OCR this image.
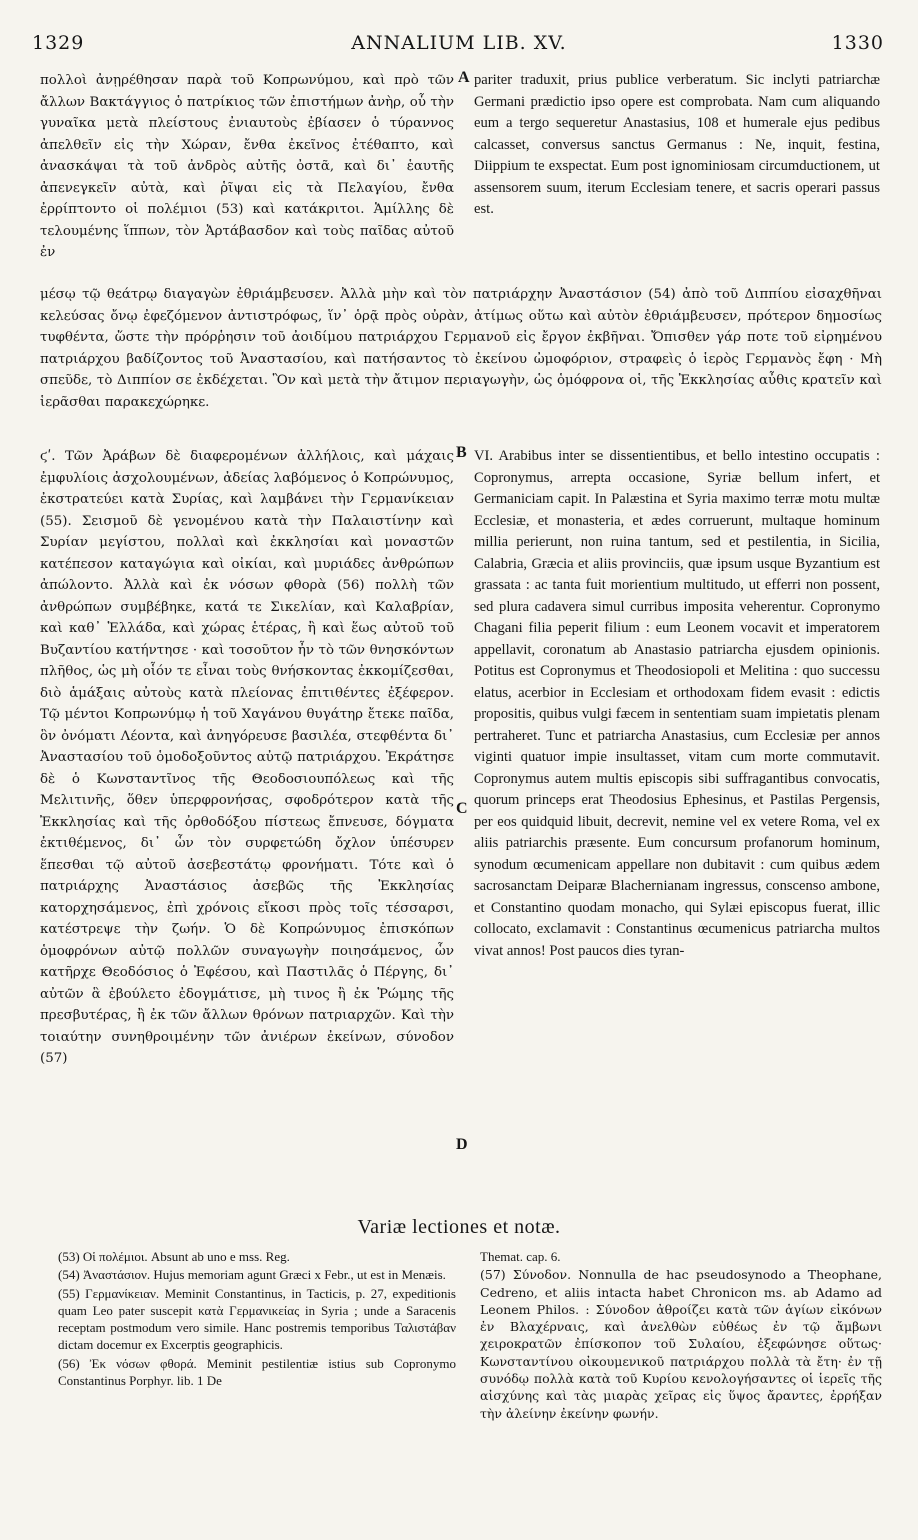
1329	ANNALIUM LIB. XV.	1330

πολλοὶ ἀνῃρέθησαν παρὰ τοῦ Κοπρωνύμου, καὶ πρὸ τῶν ἄλλων Βακτάγγιος ὁ πατρίκιος τῶν ἐπιστήμων ἀνὴρ, οὗ τὴν γυναῖκα μετὰ πλείστους ἐνιαυτοὺς ἐβίασεν ὁ τύραννος ἀπελθεῖν εἰς τὴν Χώραν, ἔνθα ἐκεῖνος ἐτέθαπτο, καὶ ἀνασκάψαι τὰ τοῦ ἀνδρὸς αὐτῆς ὀστᾶ, καὶ δι᾽ ἑαυτῆς ἀπενεγκεῖν αὐτὰ, καὶ ῥῖψαι εἰς τὰ Πελαγίου, ἔνθα ἐρρίπτοντο οἱ πολέμιοι (53) καὶ κατάκριτοι. Ἁμίλλης δὲ τελουμένης ἵππων, τὸν Ἀρτάβασδον καὶ τοὺς παῖδας αὐτοῦ ἐν

A pariter traduxit, prius publice verberatum. Sic inclyti patriarchæ Germani prædictio ipso opere est comprobata. Nam cum aliquando eum a tergo sequeretur Anastasius, 108 et humerale ejus pedibus calcasset, conversus sanctus Germanus : Ne, inquit, festina, Diippium te exspectat. Eum post ignominiosam circumductionem, ut assensorem suum, iterum Ecclesiam tenere, et sacris operari passus est.

μέσῳ τῷ θεάτρῳ διαγαγὼν ἐθριάμβευσεν. Ἀλλὰ μὴν καὶ τὸν πατριάρχην Ἀναστάσιον (54) ἀπὸ τοῦ Διππίου εἰσαχθῆναι κελεύσας ὄνῳ ἐφεζόμενον ἀντιστρόφως, ἵν᾽ ὁρᾷ πρὸς οὐρὰν, ἀτίμως οὕτω καὶ αὐτὸν ἐθριάμβευσεν, πρότερον δημοσίως τυφθέντα, ὥστε τὴν πρόρῥησιν τοῦ ἀοιδίμου πατριάρχου Γερμανοῦ εἰς ἔργον ἐκβῆναι. Ὄπισθεν γάρ ποτε τοῦ εἰρημένου πατριάρχου βαδίζοντος τοῦ Ἀναστασίου, καὶ πατήσαντος τὸ ἐκείνου ὠμοφόριον, στραφεὶς ὁ ἱερὸς Γερμανὸς ἔφη · Μὴ σπεῦδε, τὸ Διππίον σε ἐκδέχεται. Ὃν καὶ μετὰ τὴν ἄτιμον περιαγωγὴν, ὡς ὁμόφρονα οἱ, τῆς Ἐκκλησίας αὖθις κρατεῖν καὶ ἱερᾶσθαι παρακεχώρηκε.

ϛʹ. Τῶν Ἀράβων δὲ διαφερομένων ἀλλήλοις, καὶ μάχαις ἐμφυλίοις ἀσχολουμένων, ἀδείας λαβόμενος ὁ Κοπρώνυμος, ἐκστρατεύει κατὰ Συρίας, καὶ λαμβάνει τὴν Γερμανίκειαν (55). Σεισμοῦ δὲ γενομένου κατὰ τὴν Παλαιστίνην καὶ Συρίαν μεγίστου, πολλαὶ καὶ ἐκκλησίαι καὶ μοναστῶν κατέπεσον καταγώγια καὶ οἰκίαι, καὶ μυριάδες ἀνθρώπων ἀπώλοντο. Ἀλλὰ καὶ ἐκ νόσων φθορὰ (56) πολλὴ τῶν ἀνθρώπων συμβέβηκε, κατά τε Σικελίαν, καὶ Καλαβρίαν, καὶ καθ᾽ Ἑλλάδα, καὶ χώρας ἑτέρας, ἢ καὶ ἕως αὐτοῦ τοῦ Βυζαντίου κατήντησε · καὶ τοσοῦτον ἦν τὸ τῶν θνησκόντων πλῆθος, ὡς μὴ οἷόν τε εἶναι τοὺς θνήσκοντας ἐκκομίζεσθαι, διὸ ἁμάξαις αὐτοὺς κατὰ πλείονας ἐπιτιθέντες ἐξέφερον. Τῷ μέντοι Κοπρωνύμῳ ἡ τοῦ Χαγάνου θυγάτηρ ἔτεκε παῖδα, ὃν ὀνόματι Λέοντα, καὶ ἀνηγόρευσε βασιλέα, στεφθέντα δι᾽ Ἀναστασίου τοῦ ὁμοδοξοῦντος αὐτῷ πατριάρχου. Ἐκράτησε δὲ ὁ Κωνσταντῖνος τῆς Θεοδοσιουπόλεως καὶ τῆς Μελιτινῆς, ὅθεν ὑπερφρονήσας, σφοδρότερον κατὰ τῆς Ἐκκλησίας καὶ τῆς ὀρθοδόξου πίστεως ἔπνευσε, δόγματα ἐκτιθέμενος, δι᾽ ὧν τὸν συρφετώδη ὄχλον ὑπέσυρεν ἕπεσθαι τῷ αὐτοῦ ἀσεβεστάτῳ φρονήματι. Τότε καὶ ὁ πατριάρχης Ἀναστάσιος ἀσεβῶς τῆς Ἐκκλησίας κατορχησάμενος, ἐπὶ χρόνοις εἴκοσι πρὸς τοῖς τέσσαρσι, κατέστρεψε τὴν ζωήν. Ὁ δὲ Κοπρώνυμος ἐπισκόπων ὁμοφρόνων αὐτῷ πολλῶν συναγωγὴν ποιησάμενος, ὧν κατῆρχε Θεοδόσιος ὁ Ἐφέσου, καὶ Παστιλᾶς ὁ Πέργης, δι᾽ αὐτῶν ἃ ἐβούλετο ἐδογμάτισε, μὴ τινος ἢ ἐκ Ῥώμης τῆς πρεσβυτέρας, ἢ ἐκ τῶν ἄλλων θρόνων πατριαρχῶν. Καὶ τὴν τοιαύτην συνηθροιμένην τῶν ἀνιέρων ἐκείνων, σύνοδον (57)

B
C
D

VI. Arabibus inter se dissentientibus, et bello intestino occupatis : Copronymus, arrepta occasione, Syriæ bellum infert, et Germaniciam capit. In Palæstina et Syria maximo terræ motu multæ Ecclesiæ, et monasteria, et ædes corruerunt, multaque hominum millia perierunt, non ruina tantum, sed et pestilentia, in Sicilia, Calabria, Græcia et aliis provinciis, quæ ipsum usque Byzantium est grassata : ac tanta fuit morientium multitudo, ut efferri non possent, sed plura cadavera simul curribus imposita veherentur. Copronymo Chagani filia peperit filium : eum Leonem vocavit et imperatorem appellavit, coronatum ab Anastasio patriarcha ejusdem opinionis. Potitus est Copronymus et Theodosiopoli et Melitina : quo successu elatus, acerbior in Ecclesiam et orthodoxam fidem evasit : edictis propositis, quibus vulgi fæcem in sententiam suam impietatis plenam pertraheret. Tunc et patriarcha Anastasius, cum Ecclesiæ per annos viginti quatuor impie insultasset, vitam cum morte commutavit. Copronymus autem multis episcopis sibi suffragantibus convocatis, quorum princeps erat Theodosius Ephesinus, et Pastilas Pergensis, per eos quidquid libuit, decrevit, nemine vel ex vetere Roma, vel ex aliis patriarchis præsente. Eum concursum profanorum hominum, synodum œcumenicam appellare non dubitavit : cum quibus ædem sacrosanctam Deiparæ Blachernianam ingressus, conscenso ambone, et Constantino quodam monacho, qui Sylæi episcopus fuerat, illic collocato, exclamavit : Constantinus œcumenicus patriarcha multos vivat annos! Post paucos dies tyran-

Variæ lectiones et notæ.

(53) Οἱ πολέμιοι. Absunt ab uno e mss. Reg.

(54) Ἀναστάσιον. Hujus memoriam agunt Græci x Febr., ut est in Menæis.

(55) Γερμανίκειαν. Meminit Constantinus, in Tacticis, p. 27, expeditionis quam Leo pater suscepit κατὰ Γερμανικείας in Syria ; unde a Saracenis receptam postmodum vero simile. Hanc postremis temporibus Ταλιστάβαν dictam docemur ex Excerptis geographicis.

(56) Ἐκ νόσων φθορά. Meminit pestilentiæ istius sub Copronymo Constantinus Porphyr. lib. 1 De

Themat. cap. 6.

(57) Σύνοδον. Nonnulla de hac pseudosynodo a Theophane, Cedreno, et aliis intacta habet Chronicon ms. ab Adamo ad Leonem Philos. : Σύνοδον ἀθροίζει κατὰ τῶν ἁγίων εἰκόνων ἐν Βλαχέρναις, καὶ ἀνελθὼν εὐθέως ἐν τῷ ἄμβωνι χειροκρατῶν ἐπίσκοπον τοῦ Συλαίου, ἐξεφώνησε οὕτως· Κωνσταντίνου οἰκουμενικοῦ πατριάρχου πολλὰ τὰ ἔτη· ἐν τῇ συνόδῳ πολλὰ κατὰ τοῦ Κυρίου κενολογήσαντες οἱ ἱερεῖς τῆς αἰσχύνης καὶ τὰς μιαρὰς χεῖρας εἰς ὕψος ἄραντες, ἐρρήξαν τὴν ἀλείνην ἐκείνην φωνήν.
